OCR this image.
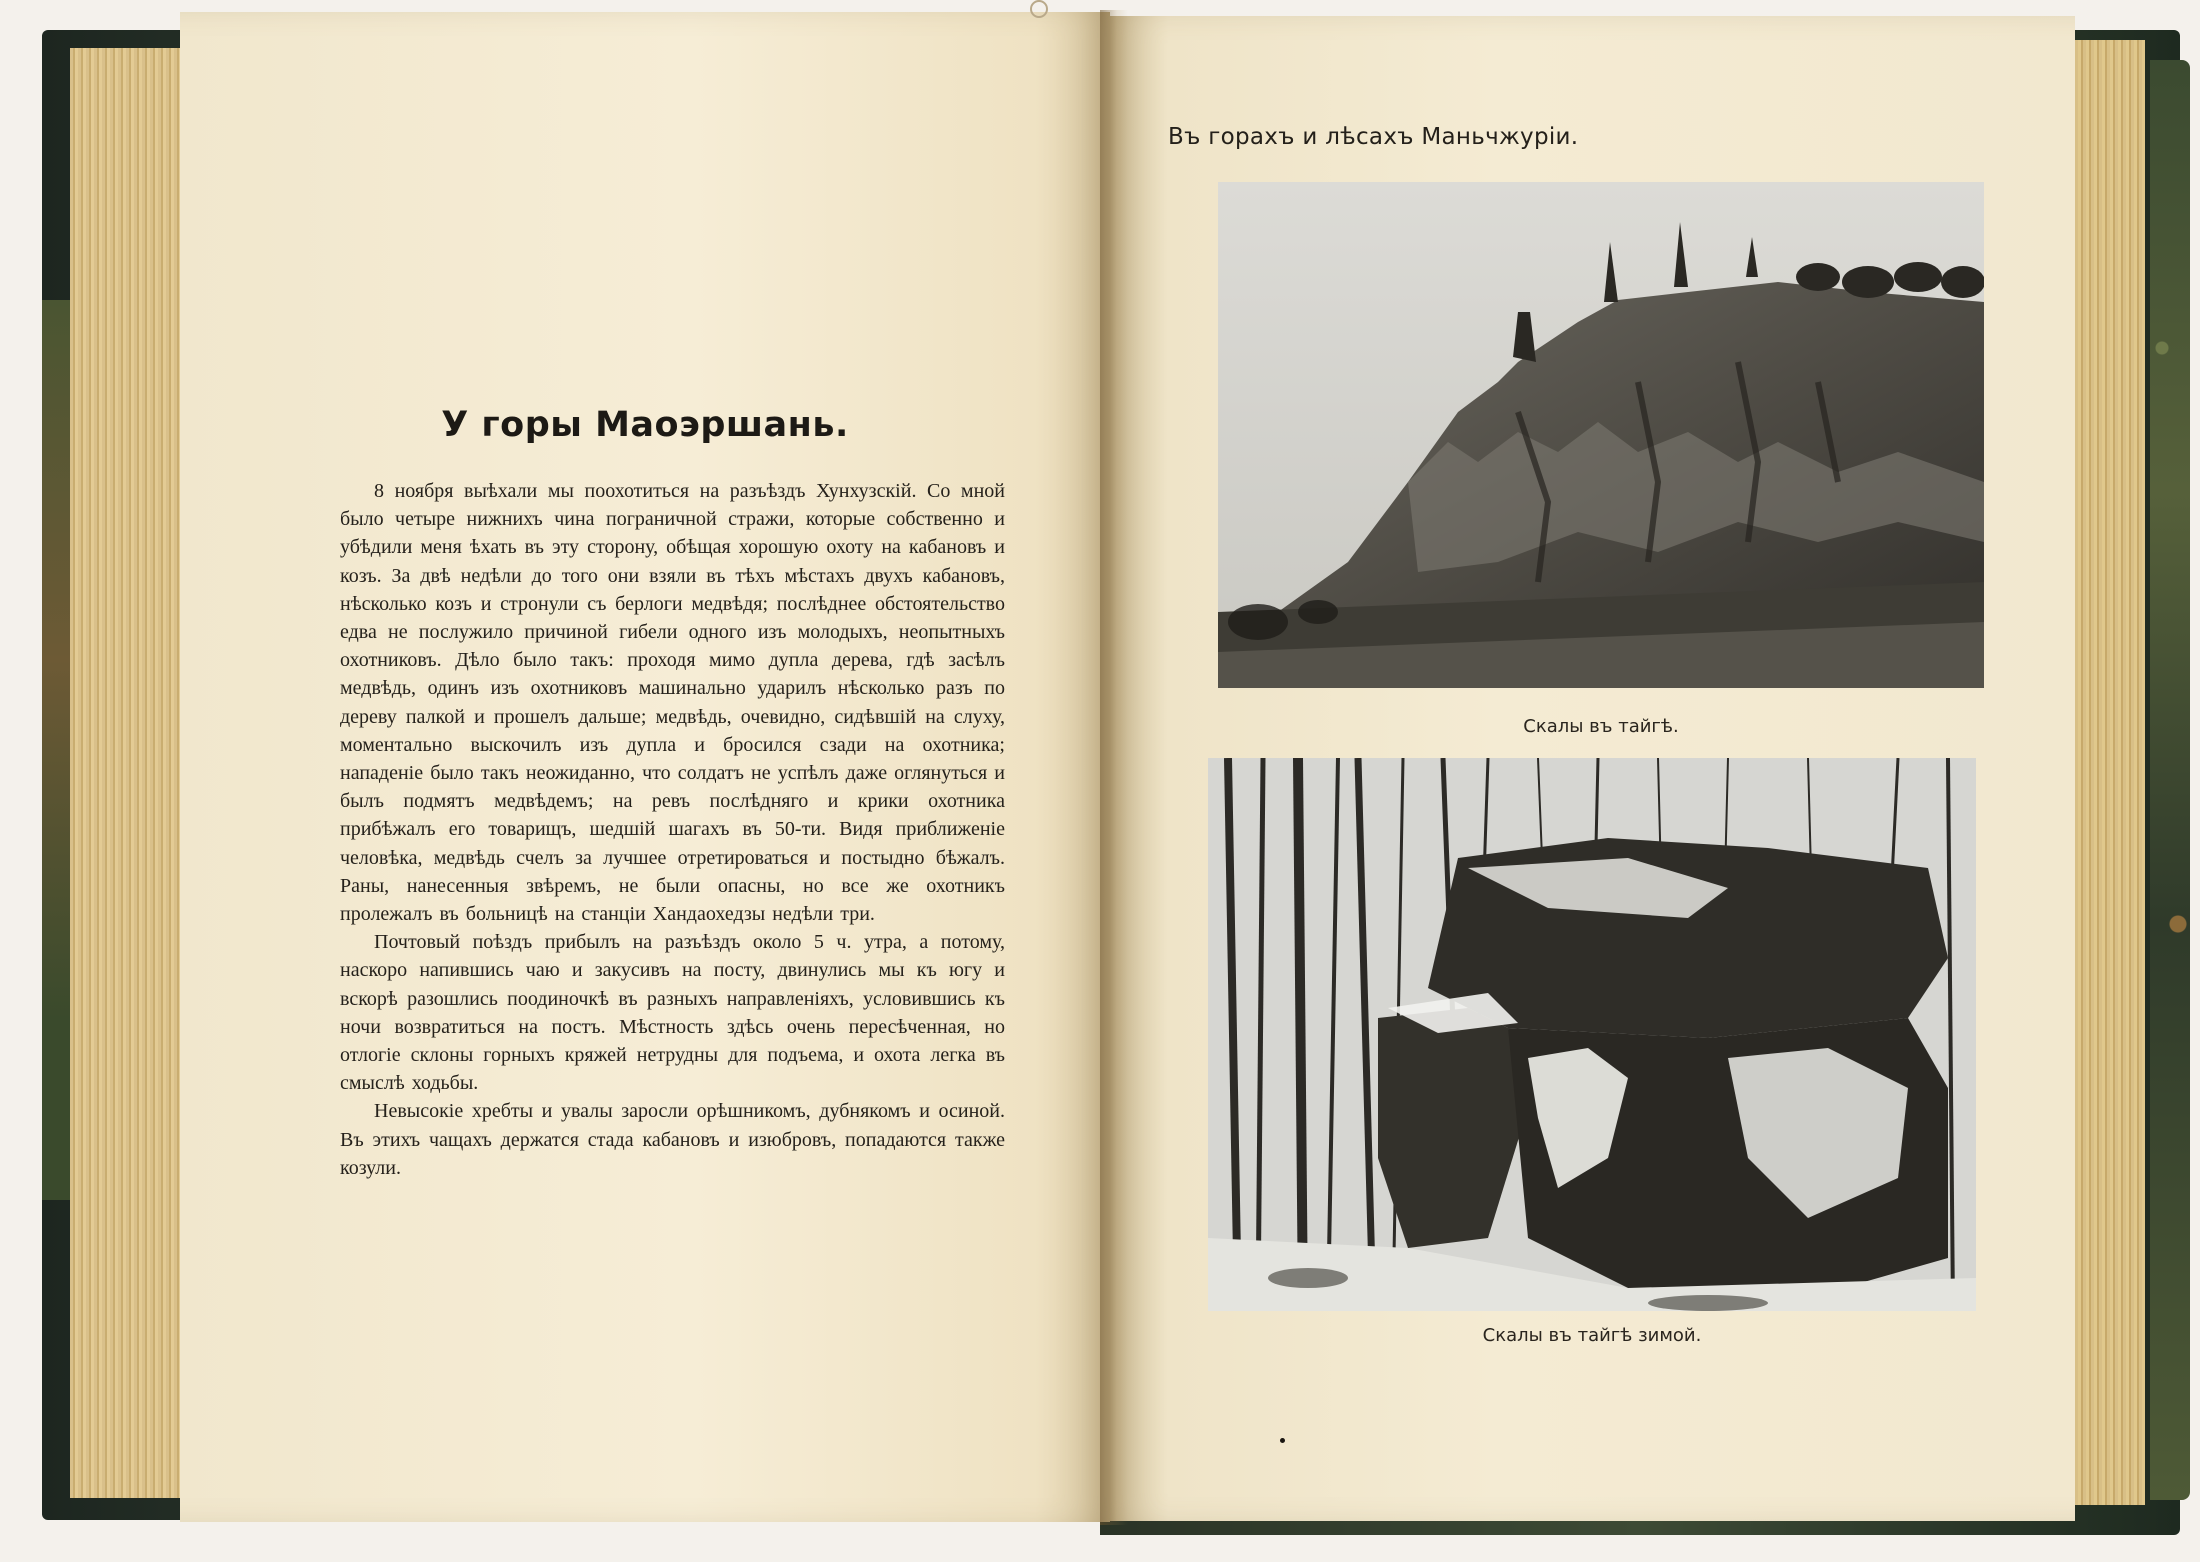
У горы Маоэршань.

8 ноября выѣхали мы поохотиться на разъѣздъ Хунхузскій. Со мной было четыре нижнихъ чина пограничной стражи, которые собственно и убѣдили меня ѣхать въ эту сторону, обѣщая хорошую охоту на кабановъ и козъ. За двѣ недѣли до того они взяли въ тѣхъ мѣстахъ двухъ кабановъ, нѣсколько козъ и стронули съ берлоги медвѣдя; послѣднее обстоятельство едва не послужило причиной гибели одного изъ молодыхъ, неопытныхъ охотниковъ. Дѣло было такъ: проходя мимо дупла дерева, гдѣ засѣлъ медвѣдь, одинъ изъ охотниковъ машинально ударилъ нѣсколько разъ по дереву палкой и прошелъ дальше; медвѣдь, очевидно, сидѣвшій на слуху, моментально выскочилъ изъ дупла и бросился сзади на охотника; нападеніе было такъ неожиданно, что солдатъ не успѣлъ даже оглянуться и былъ подмятъ медвѣдемъ; на ревъ послѣдняго и крики охотника прибѣжалъ его товарищъ, шедшій шагахъ въ 50-ти. Видя приближеніе человѣка, медвѣдь счелъ за лучшее отретироваться и постыдно бѣжалъ. Раны, нанесенныя звѣремъ, не были опасны, но все же охотникъ пролежалъ въ больницѣ на станціи Хандаохедзы недѣли три.

Почтовый поѣздъ прибылъ на разъѣздъ около 5 ч. утра, а потому, наскоро напившись чаю и закусивъ на посту, двинулись мы къ югу и вскорѣ разошлись поодиночкѣ въ разныхъ направленіяхъ, условившись къ ночи возвратиться на постъ. Мѣстность здѣсь очень пересѣченная, но отлогіе склоны горныхъ кряжей нетрудны для подъема, и охота легка въ смыслѣ ходьбы.

Невысокіе хребты и увалы заросли орѣшникомъ, дубнякомъ и осиной. Въ этихъ чащахъ держатся стада кабановъ и изюбровъ, попадаются также козули.

Въ горахъ и лѣсахъ Маньчжуріи.

Скалы въ тайгѣ.

Скалы въ тайгѣ зимой.
